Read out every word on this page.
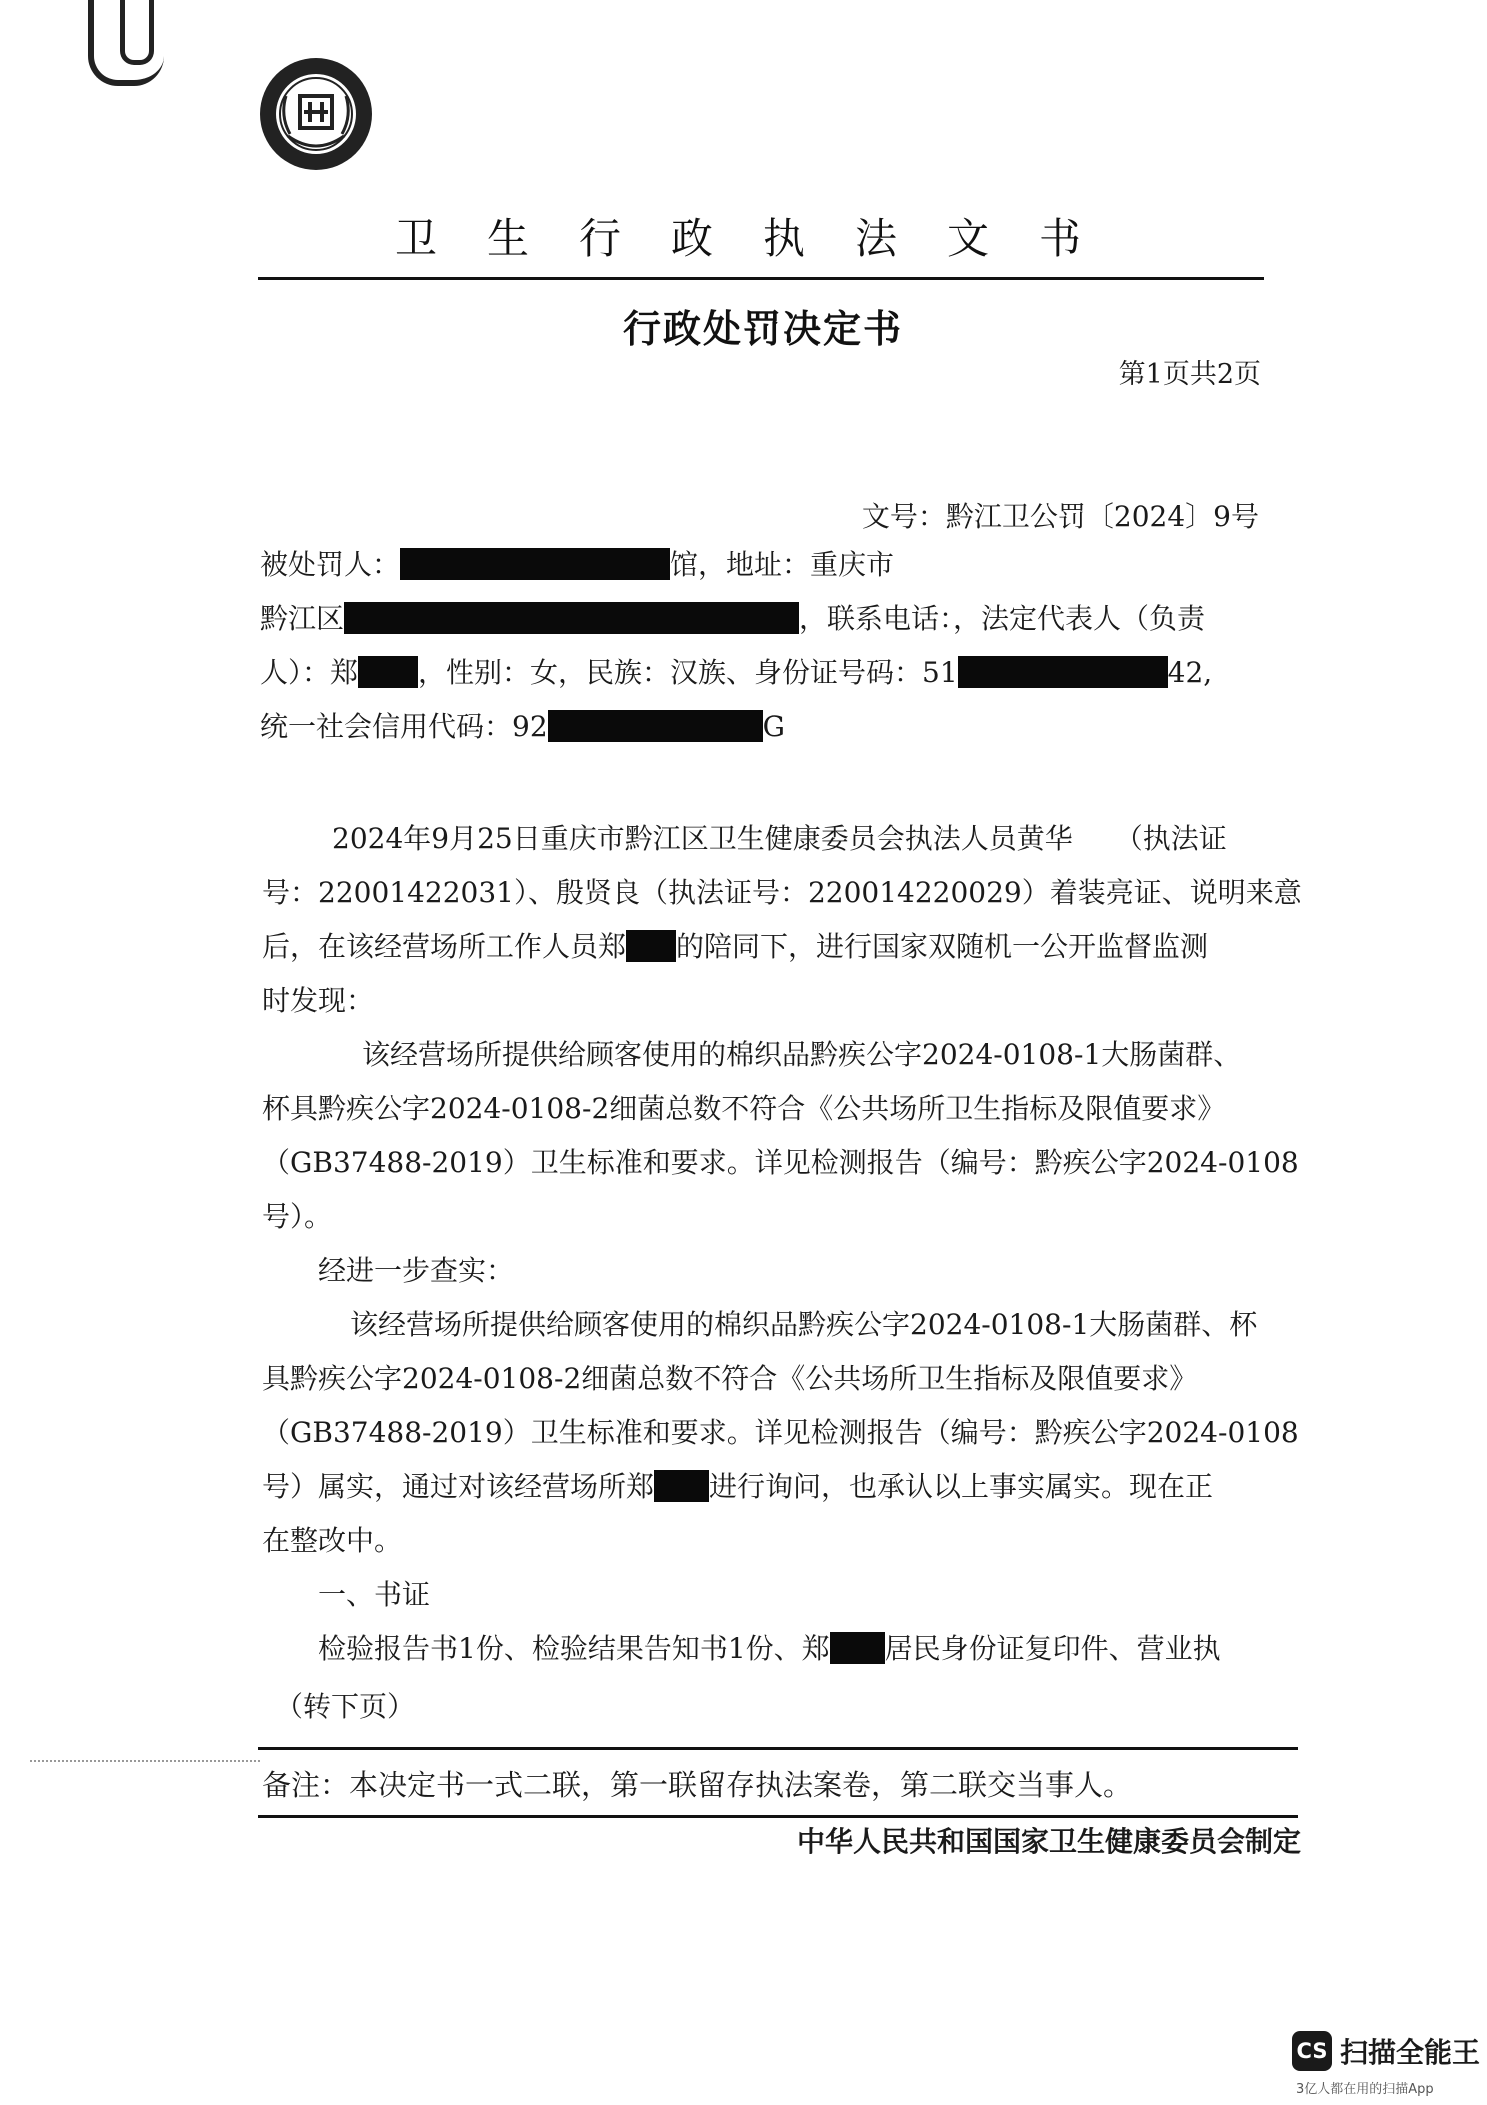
卫生行政执法文书
行政处罚决定书
第1页共2页
文号：黔江卫公罚〔2024〕9号
被处罚人：	馆，地址：重庆市
黔江区	，联系电话：，法定代表人（负责
人）：郑 ，性别：女，民族：汉族、身份证号码：51	42,
统一社会信用代码：92	G
2024年9月25日重庆市黔江区卫生健康委员会执法人员黄华　　（执法证
号：22001422031）、殷贤良（执法证号：220014220029）着装亮证、说明来意
后，在该经营场所工作人员郑 的陪同下，进行国家双随机一公开监督监测
时发现：
该经营场所提供给顾客使用的棉织品黔疾公字2024-0108-1大肠菌群、
杯具黔疾公字2024-0108-2细菌总数不符合《公共场所卫生指标及限值要求》
（GB37488-2019）卫生标准和要求。详见检测报告（编号：黔疾公字2024-0108
号）。
经进一步查实：
该经营场所提供给顾客使用的棉织品黔疾公字2024-0108-1大肠菌群、杯
具黔疾公字2024-0108-2细菌总数不符合《公共场所卫生指标及限值要求》
（GB37488-2019）卫生标准和要求。详见检测报告（编号：黔疾公字2024-0108
号）属实，通过对该经营场所郑 进行询问，也承认以上事实属实。现在正
在整改中。
一、书证
检验报告书1份、检验结果告知书1份、郑 居民身份证复印件、营业执
（转下页）
备注：本决定书一式二联，第一联留存执法案卷，第二联交当事人。
中华人民共和国国家卫生健康委员会制定
CS 扫描全能王
3亿人都在用的扫描App
